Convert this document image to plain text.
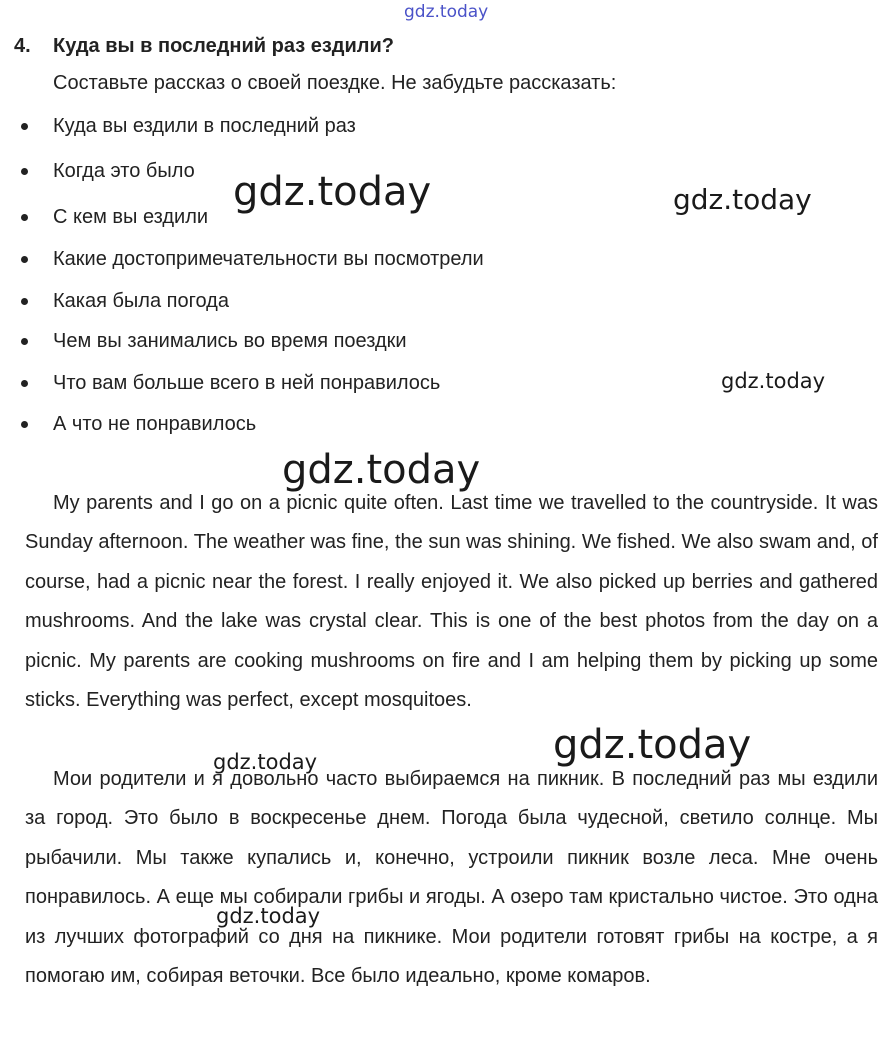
gdz.today
4. Куда вы в последний раз ездили?
Составьте рассказ о своей поездке. Не забудьте рассказать:
Куда вы ездили в последний раз
Когда это было
С кем вы ездили
Какие достопримечательности вы посмотрели
Какая была погода
Чем вы занимались во время поездки
Что вам больше всего в ней понравилось
А что не понравилось

My parents and I go on a picnic quite often. Last time we travelled to the countryside. It was Sunday afternoon. The weather was fine, the sun was shining. We fished. We also swam and, of course, had a picnic near the forest. I really enjoyed it. We also picked up berries and gathered mushrooms. And the lake was crystal clear. This is one of the best photos from the day on a picnic. My parents are cooking mushrooms on fire and I am helping them by picking up some sticks. Everything was perfect, except mosquitoes.

Мои родители и я довольно часто выбираемся на пикник. В последний раз мы ездили за город. Это было в воскресенье днем. Погода была чудесной, светило солнце. Мы рыбачили. Мы также купались и, конечно, устроили пикник возле леса. Мне очень понравилось. А еще мы собирали грибы и ягоды. А озеро там кристально чистое. Это одна из лучших фотографий со дня на пикнике. Мои родители готовят грибы на костре, а я помогаю им, собирая веточки. Все было идеально, кроме комаров.

gdz.today	gdz.today
gdz.today
gdz.today
gdz.today
gdz.today
gdz.today
